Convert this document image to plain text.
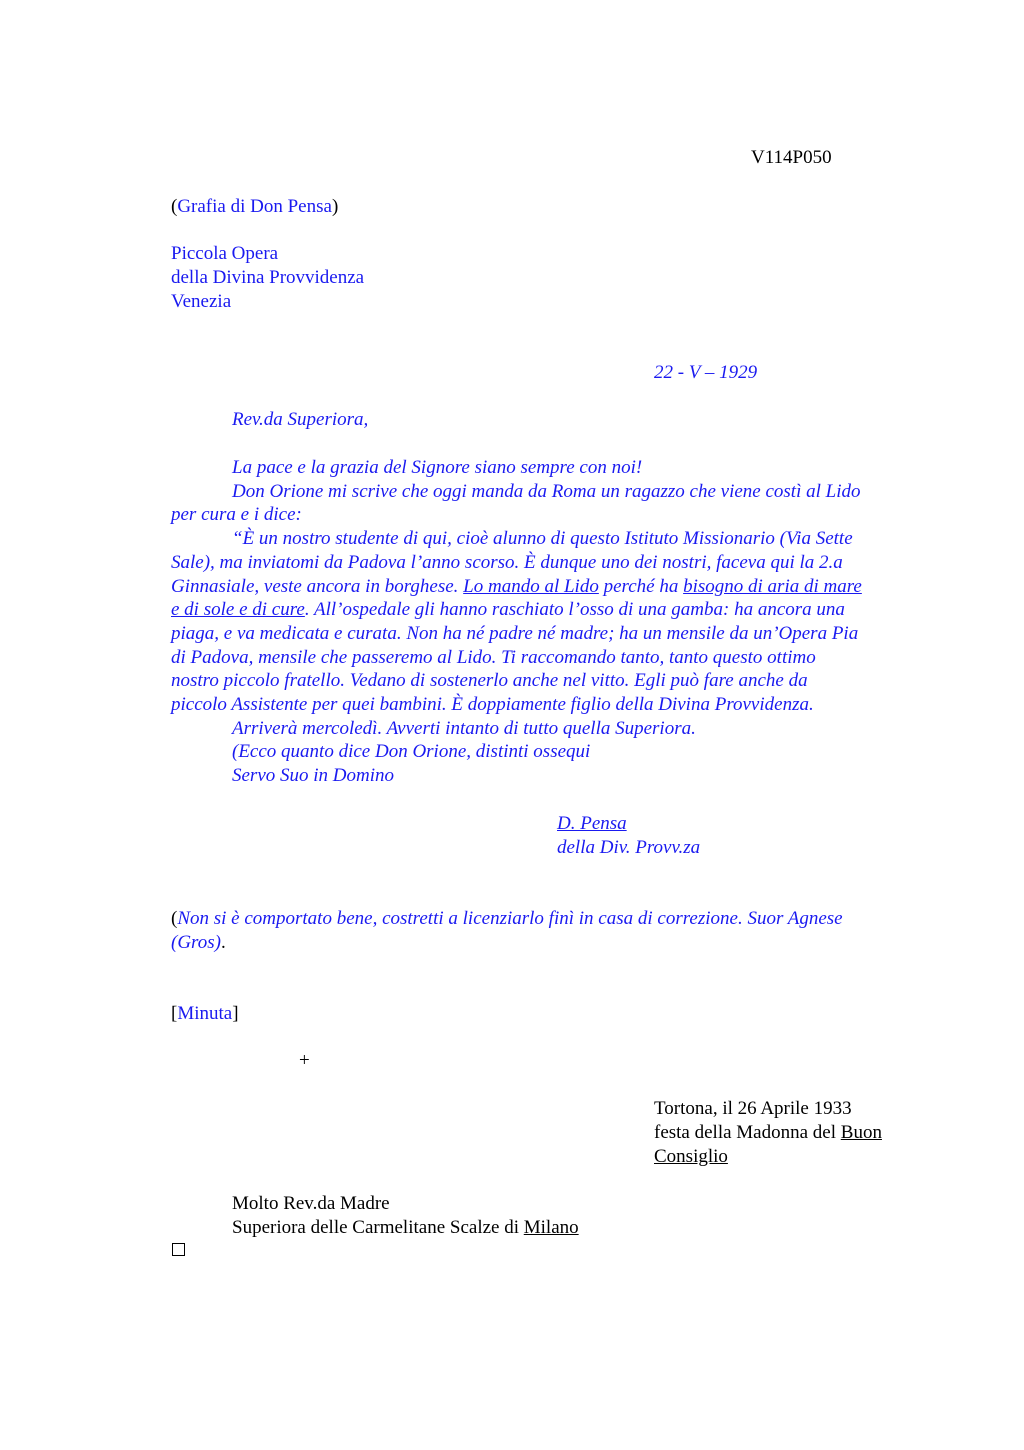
V114P050
(Grafia di Don Pensa)
Piccola Opera
della Divina Provvidenza
Venezia
22 - V – 1929
Rev.da Superiora,
La pace e la grazia del Signore siano sempre con noi!
Don Orione mi scrive che oggi manda da Roma un ragazzo che viene costì al Lido
per cura e i dice:
“È un nostro studente di qui, cioè alunno di questo Istituto Missionario (Via Sette
Sale), ma inviatomi da Padova l’anno scorso. È dunque uno dei nostri, faceva qui la 2.a
Ginnasiale, veste ancora in borghese. Lo mando al Lido perché ha bisogno di aria di mare
e di sole e di cure. All’ospedale gli hanno raschiato l’osso di una gamba: ha ancora una
piaga, e va medicata e curata. Non ha né padre né madre; ha un mensile da un’Opera Pia
di Padova, mensile che passeremo al Lido. Ti raccomando tanto, tanto questo ottimo
nostro piccolo fratello. Vedano di sostenerlo anche nel vitto. Egli può fare anche da
piccolo Assistente per quei bambini. È doppiamente figlio della Divina Provvidenza.
Arriverà mercoledì. Avverti intanto di tutto quella Superiora.
(Ecco quanto dice Don Orione, distinti ossequi
Servo Suo in Domino
D. Pensa
della Div. Provv.za
(Non si è comportato bene, costretti a licenziarlo finì in casa di correzione. Suor Agnese
(Gros).
[Minuta]
+
Tortona, il 26 Aprile 1933
festa della Madonna del Buon
Consiglio
Molto Rev.da Madre
Superiora delle Carmelitane Scalze di Milano
